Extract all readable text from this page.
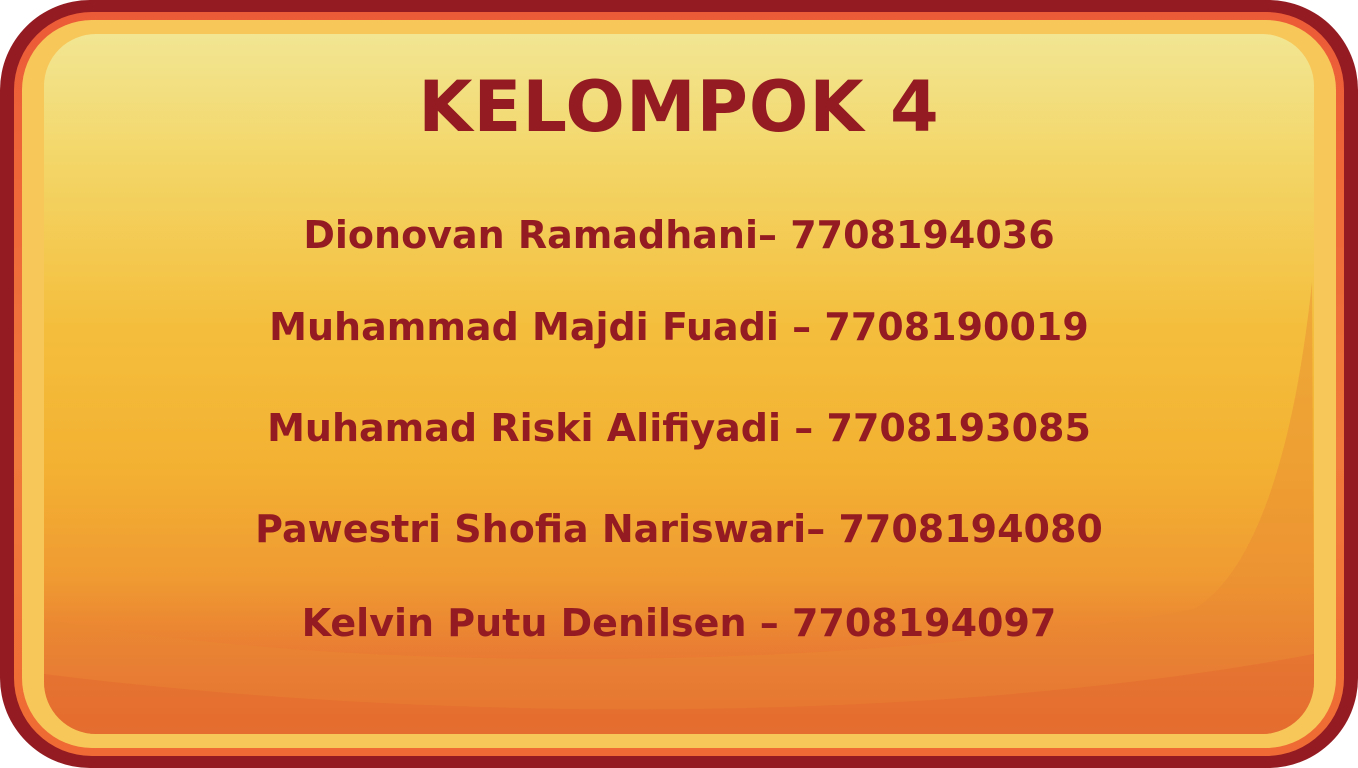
KELOMPOK 4
Dionovan Ramadhani– 7708194036
Muhammad Majdi Fuadi – 7708190019
Muhamad Riski Alifiyadi – 7708193085
Pawestri Shofia Nariswari– 7708194080
Kelvin Putu Denilsen – 7708194097
